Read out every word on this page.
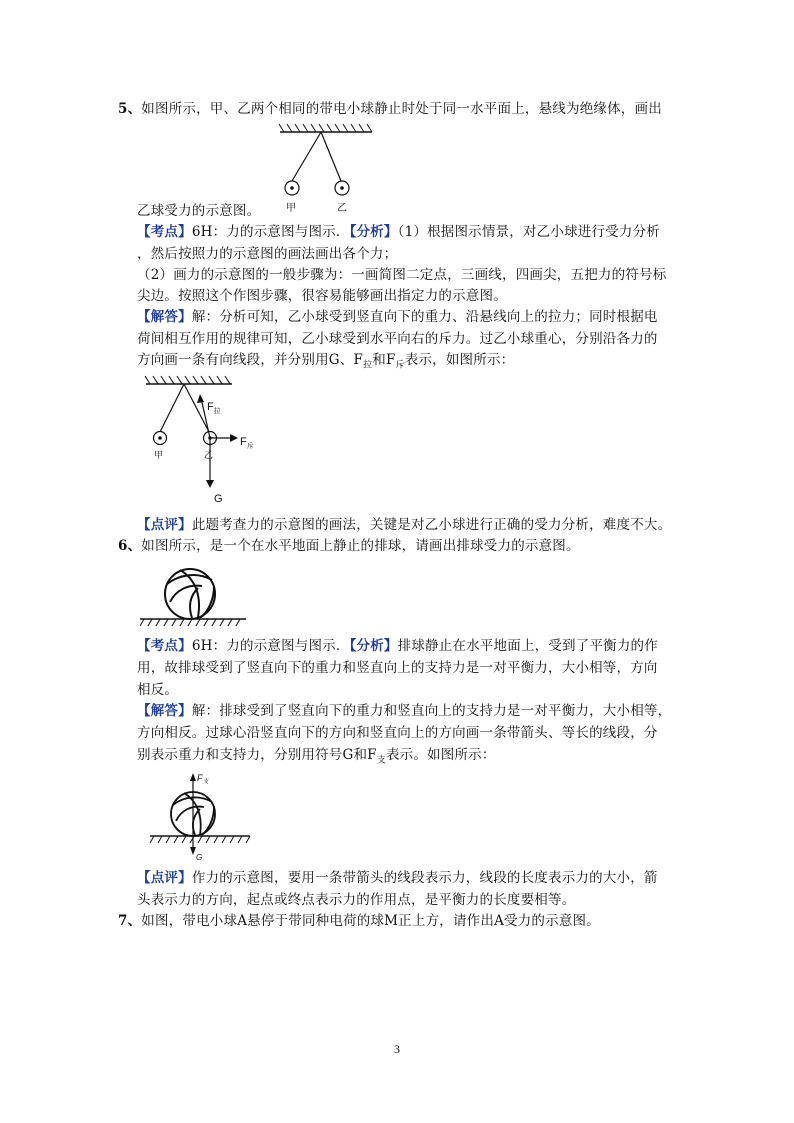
5、如图所示，甲、乙两个相同的带电小球静止时处于同一水平面上，悬线为绝缘体，画出
甲	乙
乙球受力的示意图。
【考点】6H：力的示意图与图示．【分析】（1）根据图示情景，对乙小球进行受力分析
，然后按照力的示意图的画法画出各个力；
（2）画力的示意图的一般步骤为：一画简图二定点，三画线，四画尖，五把力的符号标
尖边。按照这个作图步骤，很容易能够画出指定力的示意图。
【解答】解：分析可知，乙小球受到竖直向下的重力、沿悬线向上的拉力；同时根据电
荷间相互作用的规律可知，乙小球受到水平向右的斥力。过乙小球重心，分别沿各力的
方向画一条有向线段，并分别用G、$F_拉$和$F_斥$表示，如图所示：
$F_拉$
$F_斥$
G
甲	乙
【点评】此题考查力的示意图的画法，关键是对乙小球进行正确的受力分析，难度不大。
6、如图所示，是一个在水平地面上静止的排球，请画出排球受力的示意图。
【考点】6H：力的示意图与图示．【分析】排球静止在水平地面上，受到了平衡力的作
用，故排球受到了竖直向下的重力和竖直向上的支持力是一对平衡力，大小相等，方向
相反。
【解答】解：排球受到了竖直向下的重力和竖直向上的支持力是一对平衡力，大小相等，
方向相反。过球心沿竖直向下的方向和竖直向上的方向画一条带箭头、等长的线段，分
别表示重力和支持力，分别用符号G和$F_支$表示。如图所示：
$F_支$
G
【点评】作力的示意图，要用一条带箭头的线段表示力，线段的长度表示力的大小，箭
头表示力的方向，起点或终点表示力的作用点，是平衡力的长度要相等。
7、如图，带电小球A悬停于带同种电荷的球M正上方，请作出A受力的示意图。
3
